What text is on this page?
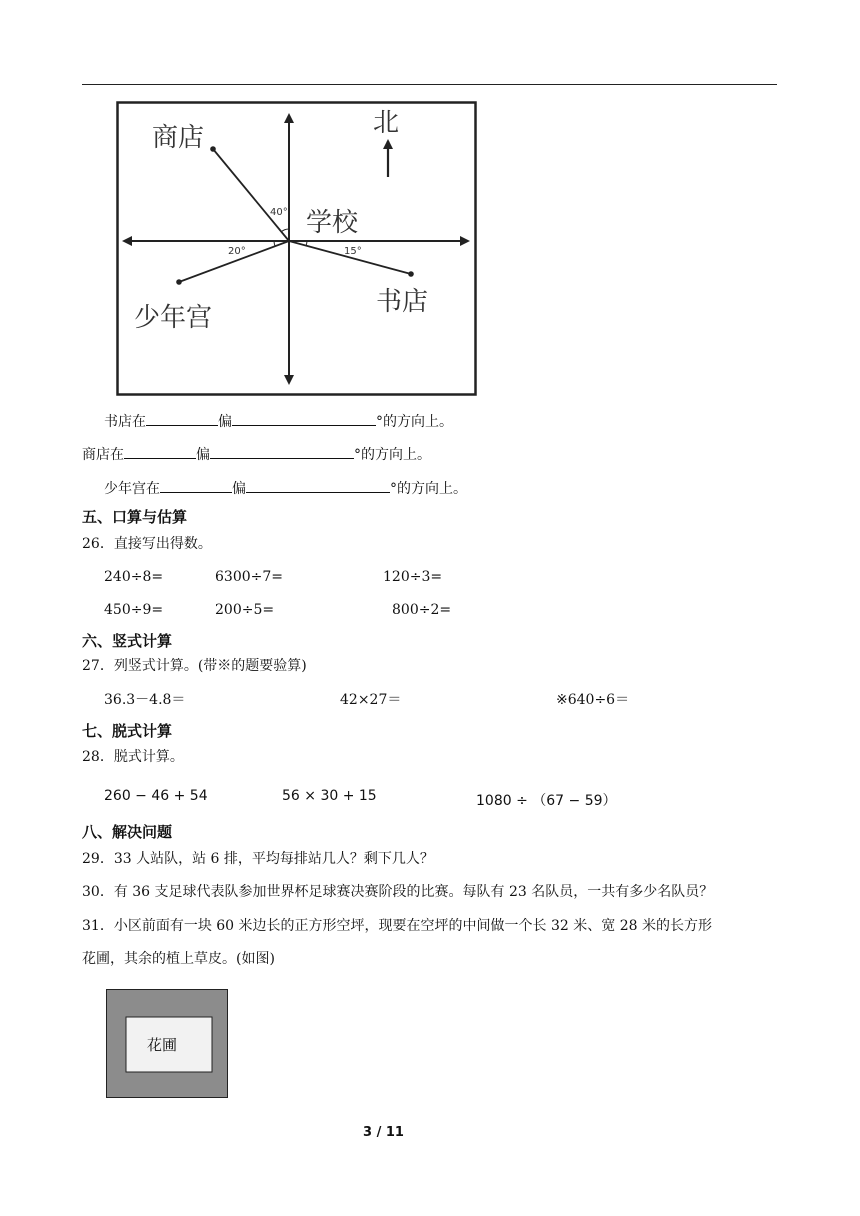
北
学校
商店
书店
少年宫
40°
20°	15°
书店在	偏	°的方向上。
商店在	偏	°的方向上。
少年宫在	偏	°的方向上。
五、口算与估算
26．直接写出得数。
240÷8=	6300÷7=	120÷3=
450÷9=	200÷5=	800÷2=
六、竖式计算
27．列竖式计算。(带※的题要验算)
36.3－4.8＝	42×27＝	※640÷6＝
七、脱式计算
28．脱式计算。
260 − 46 + 54	56 × 30 + 15	1080 ÷ （67 − 59）
八、解决问题
29．33 人站队，站 6 排，平均每排站几人？剩下几人？
30．有 36 支足球代表队参加世界杯足球赛决赛阶段的比赛。每队有 23 名队员，一共有多少名队员？
31．小区前面有一块 60 米边长的正方形空坪，现要在空坪的中间做一个长 32 米、宽 28 米的长方形
花圃，其余的植上草皮。(如图)
花圃
3 / 11
